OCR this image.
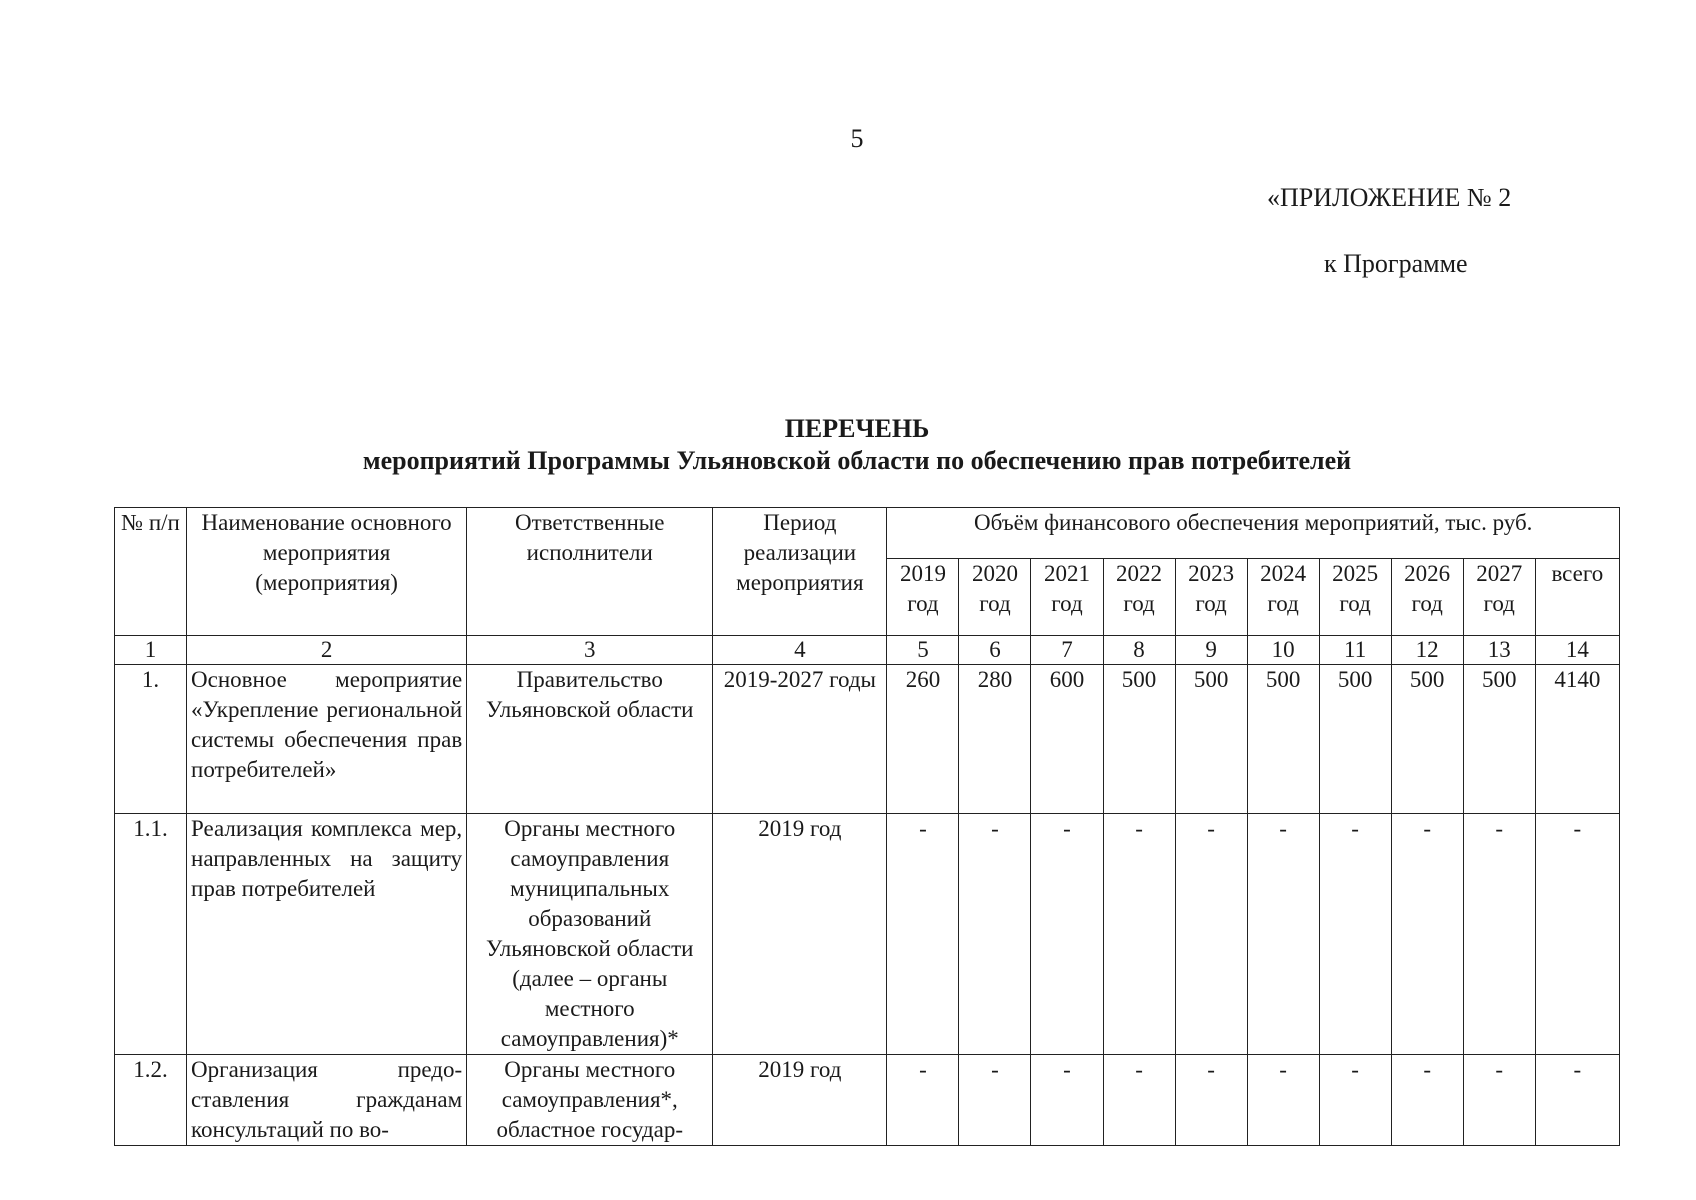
5
«ПРИЛОЖЕНИЕ № 2
к Программе
ПЕРЕЧЕНЬ
мероприятий Программы Ульяновской области по обеспечению прав потребителей
№ п/п	Наименование основного мероприятия (мероприятия)	Ответственные исполнители	Период реализации мероприятия	Объём финансового обеспечения мероприятий, тыс. руб.									
				2019 год	2020 год	2021 год	2022 год	2023 год	2024 год	2025 год	2026 год	2027 год	всего
1	2	3	4	5	6	7	8	9	10	11	12	13	14
1.	Основное мероприятие «Укрепление региональной системы обеспечения прав потребителей»	Правительство Ульяновской области	2019-2027 годы	260	280	600	500	500	500	500	500	500	4140
1.1.	Реализация комплекса мер, направленных на защиту прав потребителей	Органы местного самоуправления муниципальных образований Ульяновской области (далее – органы местного самоуправления)*	2019 год	-	-	-	-	-	-	-	-	-	-
1.2.	Организация предоставления гражданам консультаций по во-	Органы местного самоуправления*, областное государ-	2019 год	-	-	-	-	-	-	-	-	-	-
